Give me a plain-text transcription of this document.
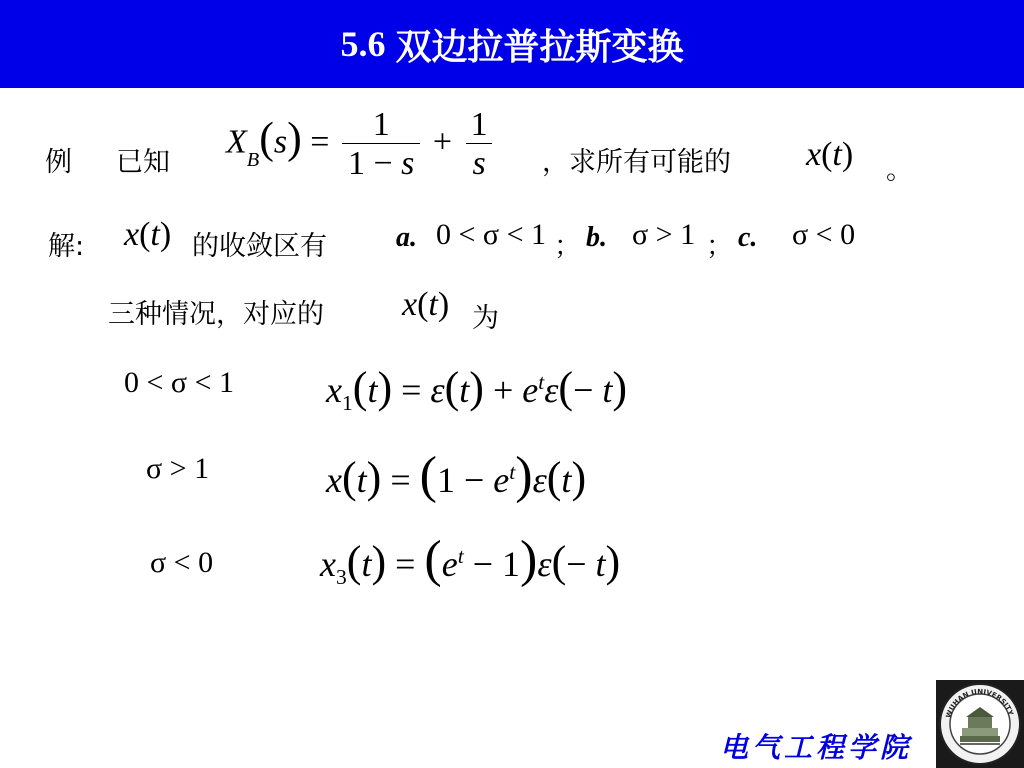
5.6 双边拉普拉斯变换
例 已知
$X_B(s) = \frac{1}{1 - s} + \frac{1}{s}$ ，求所有可能的 x(t) 。
解: x(t) 的收敛区有 a. 0 < σ < 1 ； b. σ > 1 ； c. σ < 0
三种情况，对应的 x(t) 为
0 < σ < 1
σ > 1
σ < 0
$x_1(t) = \varepsilon(t) + e^t\varepsilon(- t)$
$x(t) = (1 - e^t)\varepsilon(t)$
$x_3(t) = (e^t - 1)\varepsilon(- t)$
电气工程学院
WUHAN UNIVERSITY
